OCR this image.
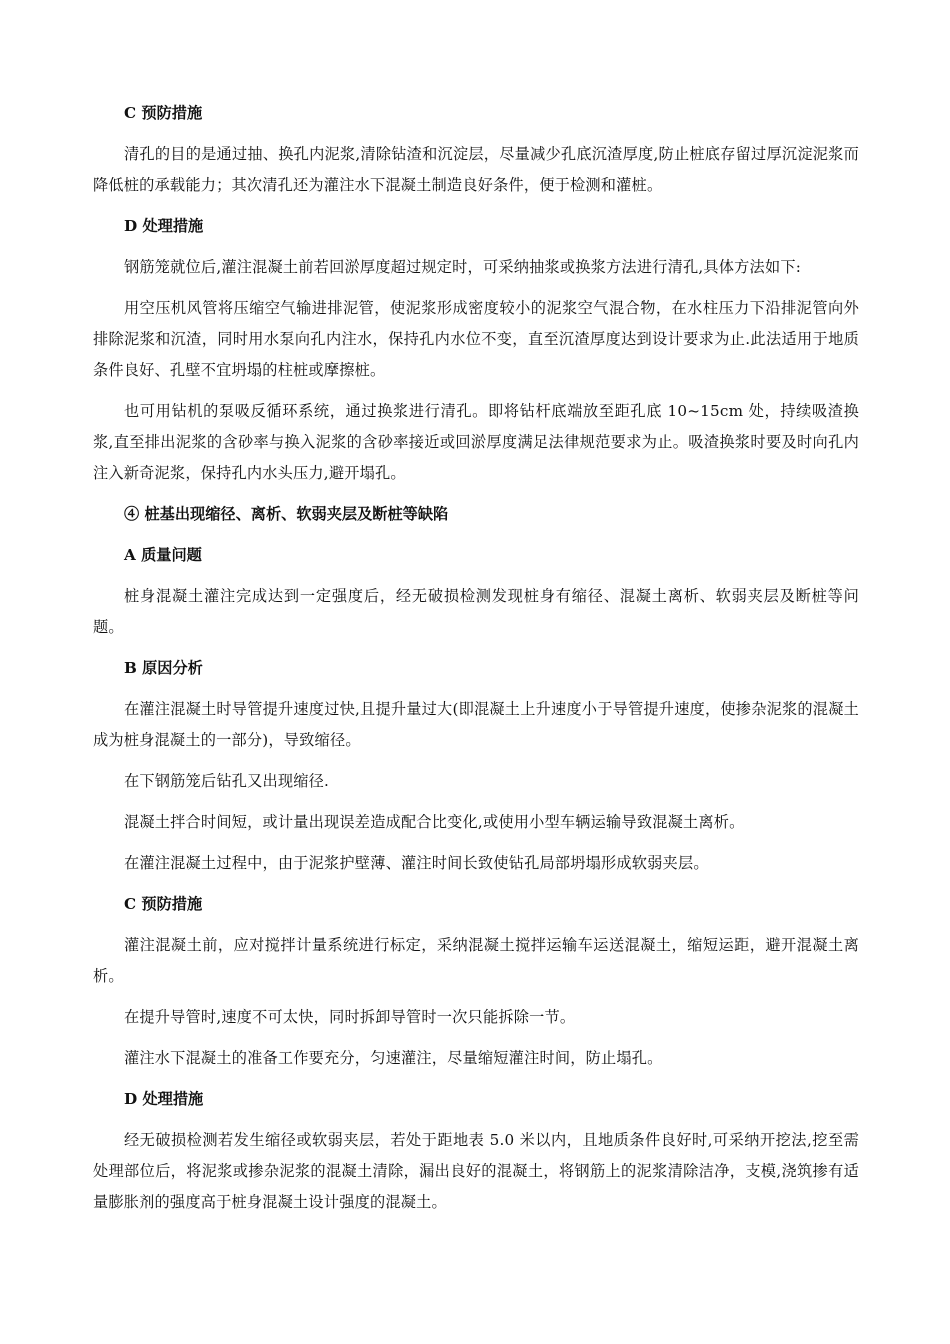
C 预防措施
清孔的目的是通过抽、换孔内泥浆,清除钻渣和沉淀层，尽量减少孔底沉渣厚度,防止桩底存留过厚沉淀泥浆而降低桩的承载能力；其次清孔还为灌注水下混凝土制造良好条件，便于检测和灌桩。
D 处理措施
钢筋笼就位后,灌注混凝土前若回淤厚度超过规定时，可采纳抽浆或换浆方法进行清孔,具体方法如下:
用空压机风管将压缩空气输进排泥管，使泥浆形成密度较小的泥浆空气混合物，在水柱压力下沿排泥管向外排除泥浆和沉渣，同时用水泵向孔内注水，保持孔内水位不变，直至沉渣厚度达到设计要求为止.此法适用于地质条件良好、孔壁不宜坍塌的柱桩或摩擦桩。
也可用钻机的泵吸反循环系统，通过换浆进行清孔。即将钻杆底端放至距孔底 10~15cm 处，持续吸渣换浆,直至排出泥浆的含砂率与换入泥浆的含砂率接近或回淤厚度满足法律规范要求为止。吸渣换浆时要及时向孔内注入新奇泥浆，保持孔内水头压力,避开塌孔。
④ 桩基出现缩径、离析、软弱夹层及断桩等缺陷
A 质量问题
桩身混凝土灌注完成达到一定强度后，经无破损检测发现桩身有缩径、混凝土离析、软弱夹层及断桩等问题。
B 原因分析
在灌注混凝土时导管提升速度过快,且提升量过大(即混凝土上升速度小于导管提升速度，使掺杂泥浆的混凝土成为桩身混凝土的一部分)，导致缩径。
在下钢筋笼后钻孔又出现缩径.
混凝土拌合时间短，或计量出现误差造成配合比变化,或使用小型车辆运输导致混凝土离析。
在灌注混凝土过程中，由于泥浆护壁薄、灌注时间长致使钻孔局部坍塌形成软弱夹层。
C 预防措施
灌注混凝土前，应对搅拌计量系统进行标定，采纳混凝土搅拌运输车运送混凝土，缩短运距，避开混凝土离析。
在提升导管时,速度不可太快，同时拆卸导管时一次只能拆除一节。
灌注水下混凝土的准备工作要充分，匀速灌注，尽量缩短灌注时间，防止塌孔。
D 处理措施
经无破损检测若发生缩径或软弱夹层，若处于距地表 5.0 米以内，且地质条件良好时,可采纳开挖法,挖至需处理部位后，将泥浆或掺杂泥浆的混凝土清除，漏出良好的混凝土，将钢筋上的泥浆清除洁净，支模,浇筑掺有适量膨胀剂的强度高于桩身混凝土设计强度的混凝土。
